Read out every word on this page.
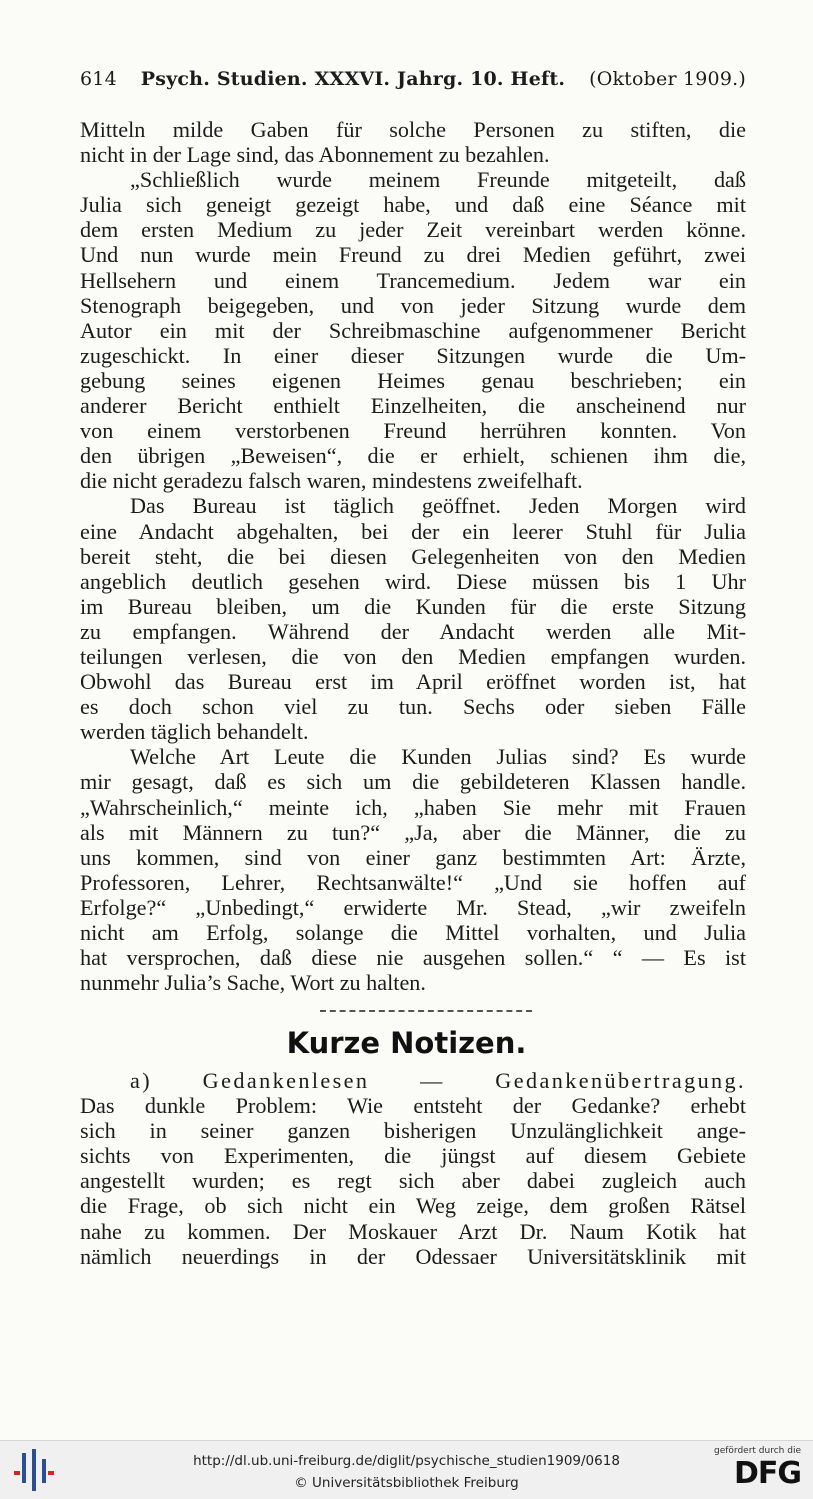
614 Psych. Studien. XXXVI. Jahrg. 10. Heft. (Oktober 1909.)
Mitteln milde Gaben für solche Personen zu stiften, die
nicht in der Lage sind, das Abonnement zu bezahlen.
„Schließlich wurde meinem Freunde mitgeteilt, daß
Julia sich geneigt gezeigt habe, und daß eine Séance mit
dem ersten Medium zu jeder Zeit vereinbart werden könne.
Und nun wurde mein Freund zu drei Medien geführt, zwei
Hellsehern und einem Trancemedium. Jedem war ein
Stenograph beigegeben, und von jeder Sitzung wurde dem
Autor ein mit der Schreibmaschine aufgenommener Bericht
zugeschickt. In einer dieser Sitzungen wurde die Um-
gebung seines eigenen Heimes genau beschrieben; ein
anderer Bericht enthielt Einzelheiten, die anscheinend nur
von einem verstorbenen Freund herrühren konnten. Von
den übrigen „Beweisen“, die er erhielt, schienen ihm die,
die nicht geradezu falsch waren, mindestens zweifelhaft.
Das Bureau ist täglich geöffnet. Jeden Morgen wird
eine Andacht abgehalten, bei der ein leerer Stuhl für Julia
bereit steht, die bei diesen Gelegenheiten von den Medien
angeblich deutlich gesehen wird. Diese müssen bis 1 Uhr
im Bureau bleiben, um die Kunden für die erste Sitzung
zu empfangen. Während der Andacht werden alle Mit-
teilungen verlesen, die von den Medien empfangen wurden.
Obwohl das Bureau erst im April eröffnet worden ist, hat
es doch schon viel zu tun. Sechs oder sieben Fälle
werden täglich behandelt.
Welche Art Leute die Kunden Julias sind? Es wurde
mir gesagt, daß es sich um die gebildeteren Klassen handle.
„Wahrscheinlich,“ meinte ich, „haben Sie mehr mit Frauen
als mit Männern zu tun?“ „Ja, aber die Männer, die zu
uns kommen, sind von einer ganz bestimmten Art: Ärzte,
Professoren, Lehrer, Rechtsanwälte!“ „Und sie hoffen auf
Erfolge?“ „Unbedingt,“ erwiderte Mr. Stead, „wir zweifeln
nicht am Erfolg, solange die Mittel vorhalten, und Julia
hat versprochen, daß diese nie ausgehen sollen.“ “ — Es ist
nunmehr Julia’s Sache, Wort zu halten.
Kurze Notizen.
a) Gedankenlesen — Gedankenübertragung.
Das dunkle Problem: Wie entsteht der Gedanke? erhebt
sich in seiner ganzen bisherigen Unzulänglichkeit ange-
sichts von Experimenten, die jüngst auf diesem Gebiete
angestellt wurden; es regt sich aber dabei zugleich auch
die Frage, ob sich nicht ein Weg zeige, dem großen Rätsel
nahe zu kommen. Der Moskauer Arzt Dr. Naum Kotik hat
nämlich neuerdings in der Odessaer Universitätsklinik mit
http://dl.ub.uni-freiburg.de/diglit/psychische_studien1909/0618
© Universitätsbibliothek Freiburg
gefördert durch die
DFG
